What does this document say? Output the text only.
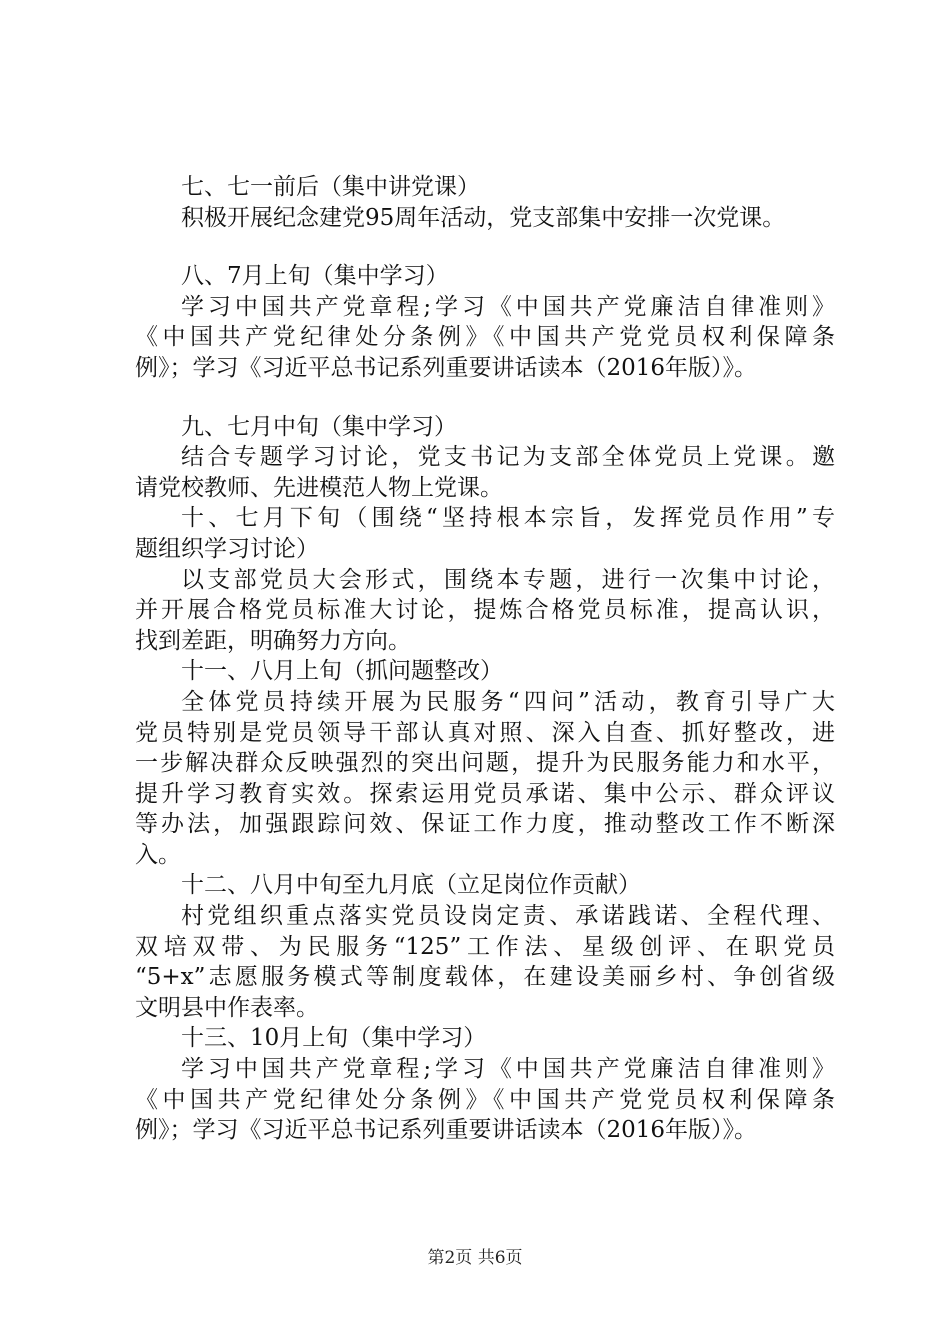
七、七一前后（集中讲党课）
积极开展纪念建党95周年活动，党支部集中安排一次党课。
八、7月上旬（集中学习）
学习中国共产党章程;学习《中国共产党廉洁自律准则》
《中国共产党纪律处分条例》《中国共产党党员权利保障条
例》；学习《习近平总书记系列重要讲话读本（2016年版）》。
九、七月中旬（集中学习）
结合专题学习讨论，党支书记为支部全体党员上党课。邀
请党校教师、先进模范人物上党课。
十、七月下旬（围绕“坚持根本宗旨，发挥党员作用”专
题组织学习讨论）
以支部党员大会形式，围绕本专题，进行一次集中讨论，
并开展合格党员标准大讨论，提炼合格党员标准，提高认识，
找到差距，明确努力方向。
十一、八月上旬（抓问题整改）
全体党员持续开展为民服务“四问”活动，教育引导广大
党员特别是党员领导干部认真对照、深入自查、抓好整改，进
一步解决群众反映强烈的突出问题，提升为民服务能力和水平，
提升学习教育实效。探索运用党员承诺、集中公示、群众评议
等办法，加强跟踪问效、保证工作力度，推动整改工作不断深
入。
十二、八月中旬至九月底（立足岗位作贡献）
村党组织重点落实党员设岗定责、承诺践诺、全程代理、
双培双带、为民服务“125”工作法、星级创评、在职党员
“5+x”志愿服务模式等制度载体，在建设美丽乡村、争创省级
文明县中作表率。
十三、10月上旬（集中学习）
学习中国共产党章程;学习《中国共产党廉洁自律准则》
《中国共产党纪律处分条例》《中国共产党党员权利保障条
例》；学习《习近平总书记系列重要讲话读本（2016年版）》。
第2页 共6页
